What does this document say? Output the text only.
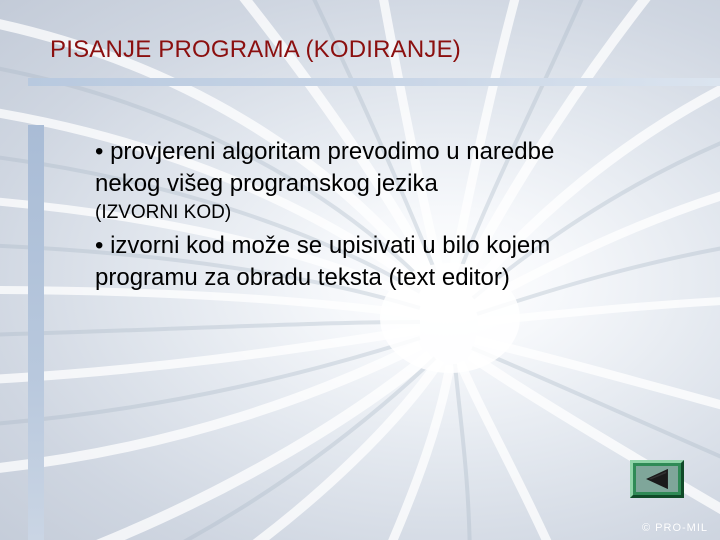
PISANJE PROGRAMA (KODIRANJE)
• provjereni algoritam prevodimo u naredbe
nekog višeg programskog jezika
(IZVORNI KOD)
• izvorni kod može se upisivati u bilo kojem
programu za obradu teksta (text editor)
© PRO-MIL
